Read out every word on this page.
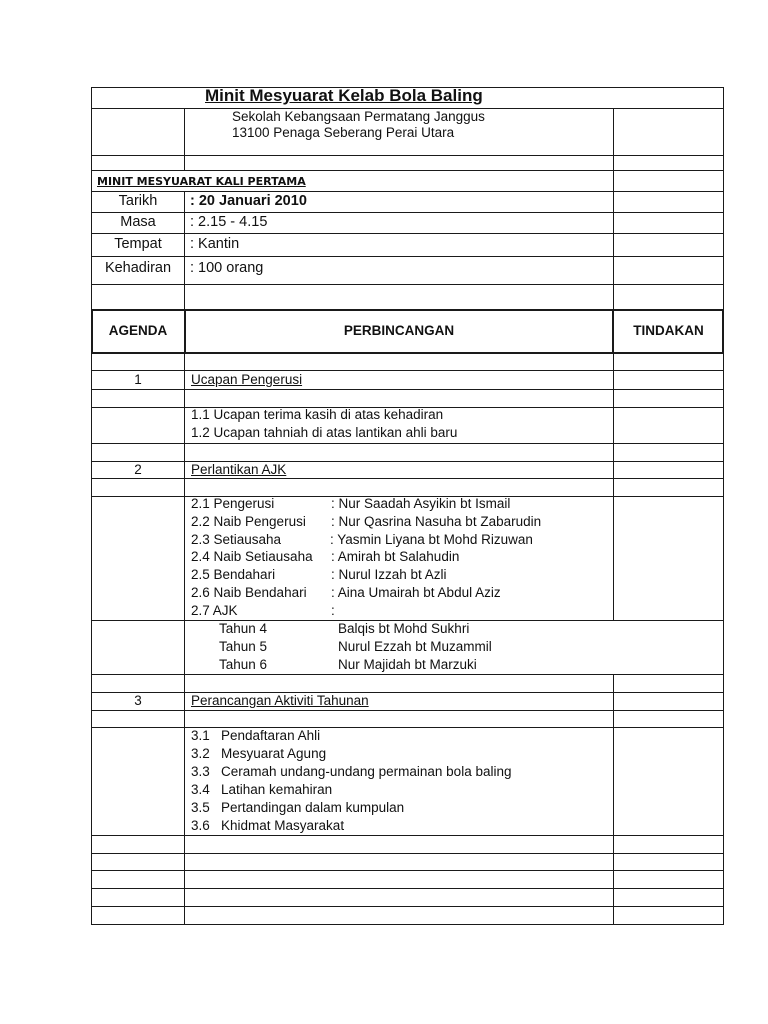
Minit Mesyuarat Kelab Bola Baling
Sekolah Kebangsaan Permatang Janggus
13100 Penaga Seberang Perai Utara
MINIT MESYUARAT KALI PERTAMA
Tarikh	: 20 Januari 2010
Masa	: 2.15 - 4.15
Tempat	: Kantin
Kehadiran	: 100 orang
AGENDA	PERBINCANGAN	TINDAKAN
1	Ucapan Pengerusi
1.1 Ucapan terima kasih di atas kehadiran
1.2 Ucapan tahniah di atas lantikan ahli baru
2	Perlantikan AJK
2.1 Pengerusi	: Nur Saadah Asyikin bt Ismail
2.2 Naib Pengerusi : Nur Qasrina Nasuha bt Zabarudin
2.3 Setiausaha	: Yasmin Liyana bt Mohd Rizuwan
2.4 Naib Setiausaha : Amirah bt Salahudin
2.5 Bendahari	: Nurul Izzah bt Azli
2.6 Naib Bendahari : Aina Umairah bt Abdul Aziz
2.7 AJK	:
Tahun 4	Balqis bt Mohd Sukhri
Tahun 5	Nurul Ezzah bt Muzammil
Tahun 6	Nur Majidah bt Marzuki
3	Perancangan Aktiviti Tahunan
3.1   Pendaftaran Ahli
3.2   Mesyuarat Agung
3.3   Ceramah undang-undang permainan bola baling
3.4   Latihan kemahiran
3.5   Pertandingan dalam kumpulan
3.6   Khidmat Masyarakat
